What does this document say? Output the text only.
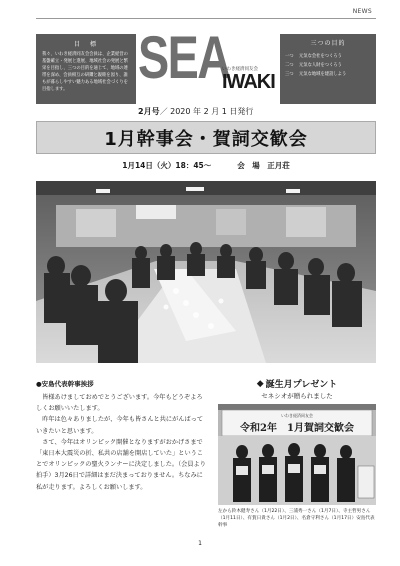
NEWS
目　標
我々、いわき経済同友会会員は、企業経営の基盤確立・発展と進展、地域社会の発展と繁栄を目指し、三つの目的を通じて、地域の連帯を深め、会員相互の研鑽と親睦を図り、誰もが暮らしやすい魅力ある地域社会づくりを目指します。	SEA
いわき経済同友会
IWAKI
三つの目的
一つ	元気な会社をつくろう
二つ	元気な人財をつくろう
三つ	元気な地域を建設しよう
2月号／ 2020 年 2 月 1 日発行
1月幹事会・賀詞交歓会
1月14日（火）18：45～	会　場　正月荘
●安島代表幹事挨拶

皆様あけましておめでとうございます。今年もどうぞよろしくお願いいたします。

昨年は色々ありましたが、今年も皆さんと共にがんばっていきたいと思います。

さて、今年はオリンピック開催となりますがおかげさまで「東日本大震災の折、私共の店舗を開店していた」ということでオリンピックの聖火ランナーに決定しました。（会員より拍手）3月26日で詳細はまだ決まっておりません。ちなみに私が走ります。よろしくお願いします。

◆ 誕生月プレゼント
セネシオが贈られました
いわき経済同友会
令和2年　1月賀詞交歓会
左から鈴木健寿さん（1月22日）、三浦秀一さん（1月7日）、寺主哲男さん（1月11日）、有賀日貴さん（1月2日）、名倉守利さん（1月17日）安島代表幹事
1
